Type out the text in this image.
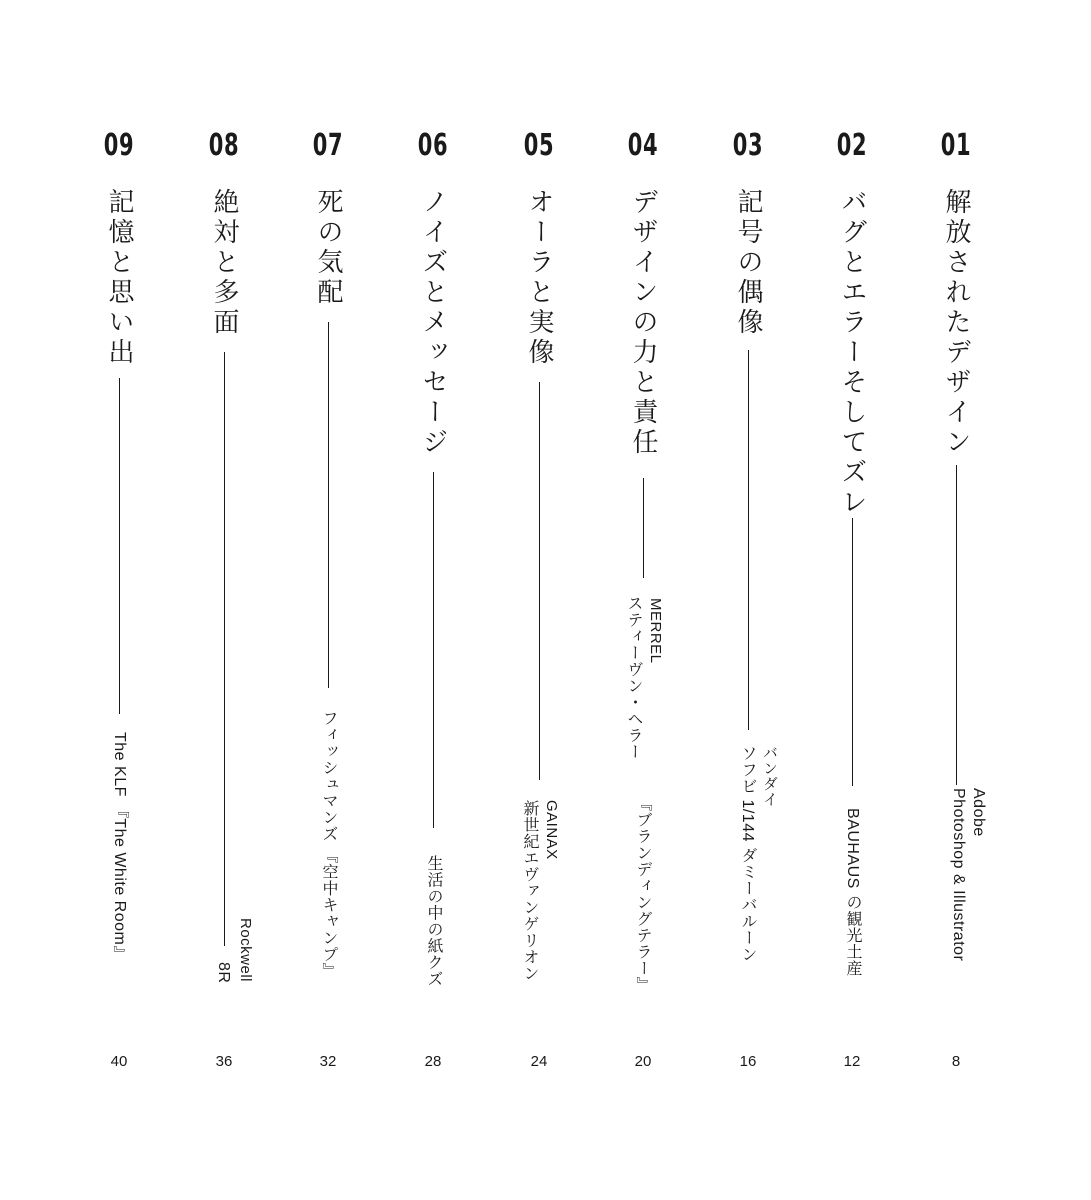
01
解放されたデザイン
Photoshop & Illustrator Adobe
8
02
バグとエラーそしてズレ
BAUHAUS の観光土産
12
03
記号の偶像
ソフビ 1/144 ダミーバルーン バンダイ
16
04
デザインの力と責任
『ブランディングテラー』
スティーヴン・ヘラー MERREL
20
05
オーラと実像
新世紀エヴァンゲリオン GAINAX
24
06
ノイズとメッセージ
生活の中の紙クズ
28
07
死の気配
フィッシュマンズ 『空中キャンプ』
32
08
絶対と多面
8R Rockwell
36
09
記憶と思い出
The KLF 『The White Room』
40
